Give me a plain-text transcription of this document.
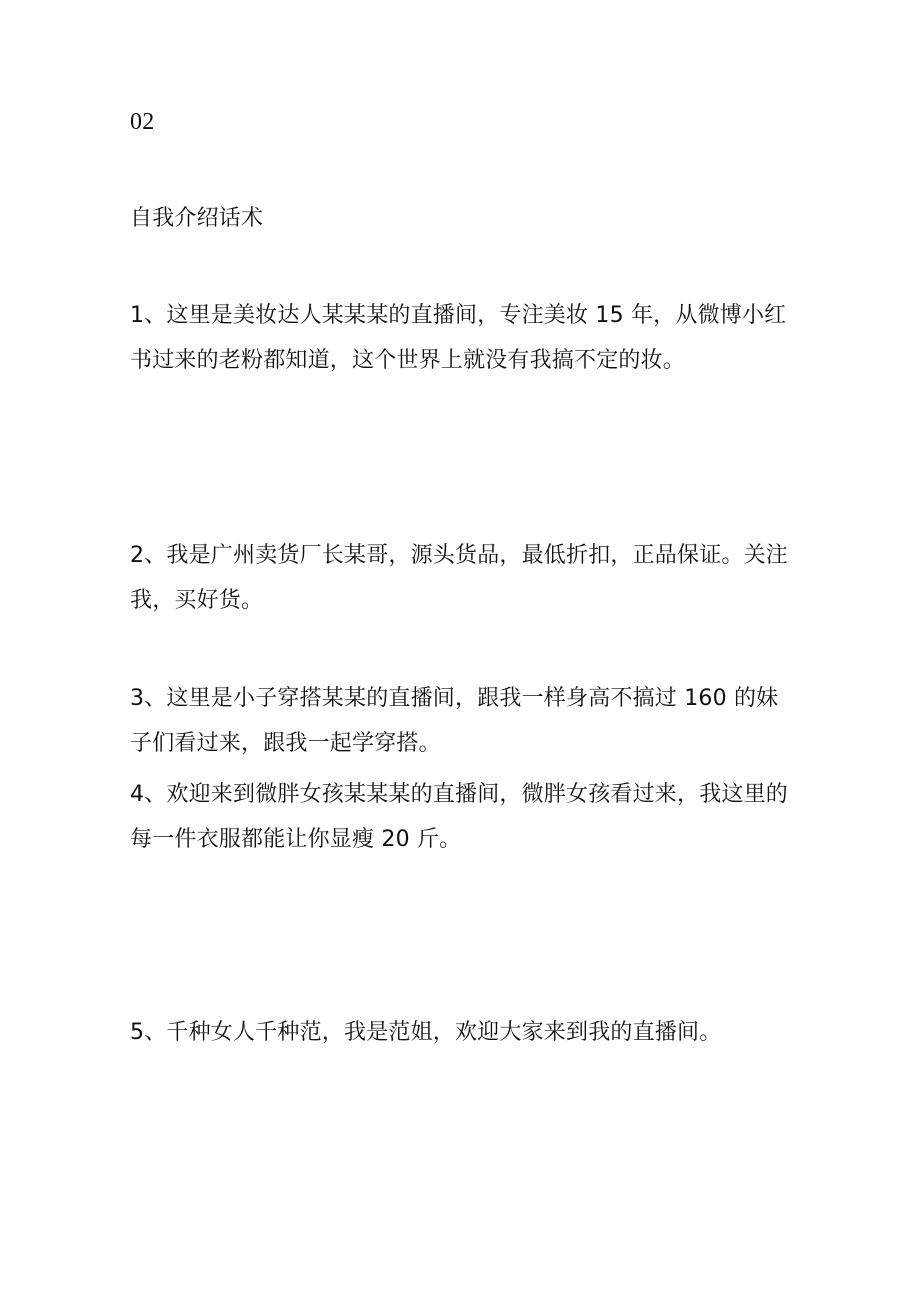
02
自我介绍话术
1、这里是美妆达人某某某的直播间，专注美妆 15 年，从微博小红书过来的老粉都知道，这个世界上就没有我搞不定的妆。
2、我是广州卖货厂长某哥，源头货品，最低折扣，正品保证。关注我，买好货。
3、这里是小子穿搭某某的直播间，跟我一样身高不搞过 160 的妹子们看过来，跟我一起学穿搭。
4、欢迎来到微胖女孩某某某的直播间，微胖女孩看过来，我这里的每一件衣服都能让你显瘦 20 斤。
5、千种女人千种范，我是范姐，欢迎大家来到我的直播间。
